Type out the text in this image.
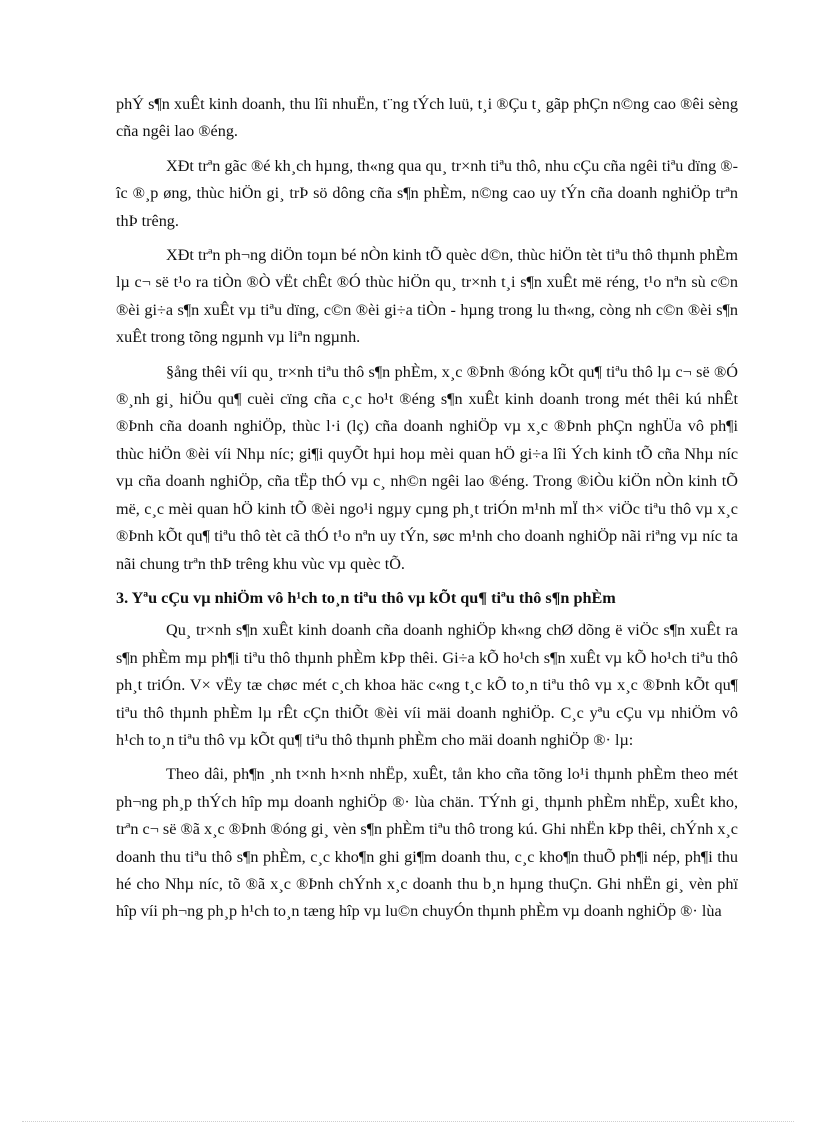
phÝ s¶n xuÊt kinh doanh, thu lîi nhuËn, t¨ng tÝch luü, t¸i ®Çu t¸ gãp phÇn n©ng cao ®êi sèng cña ngêi lao ®éng.

XÐt trªn gãc ®é kh¸ch hµng, th«ng qua qu¸ tr×nh tiªu thô, nhu cÇu cña ngêi tiªu dïng ®îc ®¸p øng, thùc hiÖn gi¸ trÞ sö dông cña s¶n phÈm, n©ng cao uy tÝn cña doanh nghiÖp trªn thÞ trêng.

XÐt trªn ph¬ng diÖn toµn bé nÒn kinh tÕ quèc d©n, thùc hiÖn tèt tiªu thô thµnh phÈm lµ c¬ së t¹o ra tiÒn ®Ò vËt chÊt ®Ó thùc hiÖn qu¸ tr×nh t¸i s¶n xuÊt më réng, t¹o nªn sù c©n ®èi gi÷a s¶n xuÊt vµ tiªu dïng, c©n ®èi gi÷a tiÒn - hµng trong lu th«ng, còng nh c©n ®èi s¶n xuÊt trong tõng ngµnh vµ liªn ngµnh.

§ång thêi víi qu¸ tr×nh tiªu thô s¶n phÈm, x¸c ®Þnh ®óng kÕt qu¶ tiªu thô lµ c¬ së ®Ó ®¸nh gi¸ hiÖu qu¶ cuèi cïng cña c¸c ho¹t ®éng s¶n xuÊt kinh doanh trong mét thêi kú nhÊt ®Þnh cña doanh nghiÖp, thùc l·i (lç) cña doanh nghiÖp vµ x¸c ®Þnh phÇn nghÜa vô ph¶i thùc hiÖn ®èi víi Nhµ níc; gi¶i quyÕt hµi hoµ mèi quan hÖ gi÷a lîi Ých kinh tÕ cña Nhµ níc vµ cña doanh nghiÖp, cña tËp thÓ vµ c¸ nh©n ngêi lao ®éng. Trong ®iÒu kiÖn nÒn kinh tÕ më, c¸c mèi quan hÖ kinh tÕ ®èi ngo¹i ngµy cµng ph¸t triÓn m¹nh mÏ th× viÖc tiªu thô vµ x¸c ®Þnh kÕt qu¶ tiªu thô tèt cã thÓ t¹o nªn uy tÝn, søc m¹nh cho doanh nghiÖp nãi riªng vµ níc ta nãi chung trªn thÞ trêng khu vùc vµ quèc tÕ.

3. Yªu cÇu vµ nhiÖm vô h¹ch to¸n tiªu thô vµ kÕt qu¶ tiªu thô s¶n phÈm

Qu¸ tr×nh s¶n xuÊt kinh doanh cña doanh nghiÖp kh«ng chØ dõng ë viÖc s¶n xuÊt ra s¶n phÈm mµ ph¶i tiªu thô thµnh phÈm kÞp thêi. Gi÷a kÕ ho¹ch s¶n xuÊt vµ kÕ ho¹ch tiªu thô ph¸t triÓn. V× vËy tæ chøc mét c¸ch khoa häc c«ng t¸c kÕ to¸n tiªu thô vµ x¸c ®Þnh kÕt qu¶ tiªu thô thµnh phÈm lµ rÊt cÇn thiÕt ®èi víi mäi doanh nghiÖp. C¸c yªu cÇu vµ nhiÖm vô h¹ch to¸n tiªu thô vµ kÕt qu¶ tiªu thô thµnh phÈm cho mäi doanh nghiÖp ®· lµ:

Theo dâi, ph¶n ¸nh t×nh h×nh nhËp, xuÊt, tån kho cña tõng lo¹i thµnh phÈm theo mét ph¬ng ph¸p thÝch hîp mµ doanh nghiÖp ®· lùa chän. TÝnh gi¸ thµnh phÈm nhËp, xuÊt kho, trªn c¬ së ®ã x¸c ®Þnh ®óng gi¸ vèn s¶n phÈm tiªu thô trong kú. Ghi nhËn kÞp thêi, chÝnh x¸c doanh thu tiªu thô s¶n phÈm, c¸c kho¶n ghi gi¶m doanh thu, c¸c kho¶n thuÕ ph¶i nép, ph¶i thu hé cho Nhµ níc, tõ ®ã x¸c ®Þnh chÝnh x¸c doanh thu b¸n hµng thuÇn. Ghi nhËn gi¸ vèn phï hîp víi ph¬ng ph¸p h¹ch to¸n tæng hîp vµ lu©n chuyÓn thµnh phÈm vµ doanh nghiÖp ®· lùa
